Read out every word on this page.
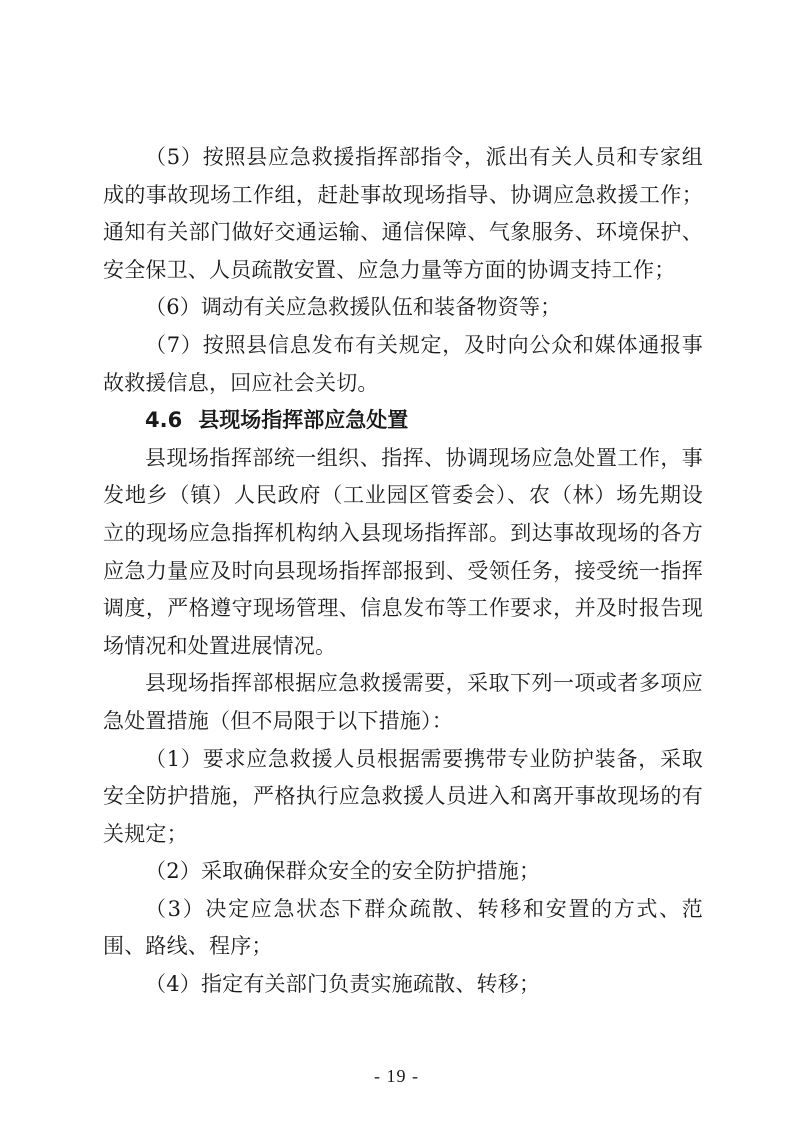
（5）按照县应急救援指挥部指令，派出有关人员和专家组成的事故现场工作组，赶赴事故现场指导、协调应急救援工作；通知有关部门做好交通运输、通信保障、气象服务、环境保护、安全保卫、人员疏散安置、应急力量等方面的协调支持工作；

（6）调动有关应急救援队伍和装备物资等；

（7）按照县信息发布有关规定，及时向公众和媒体通报事故救援信息，回应社会关切。

4.6 县现场指挥部应急处置

县现场指挥部统一组织、指挥、协调现场应急处置工作，事发地乡（镇）人民政府（工业园区管委会）、农（林）场先期设立的现场应急指挥机构纳入县现场指挥部。到达事故现场的各方应急力量应及时向县现场指挥部报到、受领任务，接受统一指挥调度，严格遵守现场管理、信息发布等工作要求，并及时报告现场情况和处置进展情况。

县现场指挥部根据应急救援需要，采取下列一项或者多项应急处置措施（但不局限于以下措施）：

（1）要求应急救援人员根据需要携带专业防护装备，采取安全防护措施，严格执行应急救援人员进入和离开事故现场的有关规定；

（2）采取确保群众安全的安全防护措施；

（3）决定应急状态下群众疏散、转移和安置的方式、范围、路线、程序；

（4）指定有关部门负责实施疏散、转移；

- 19 -
